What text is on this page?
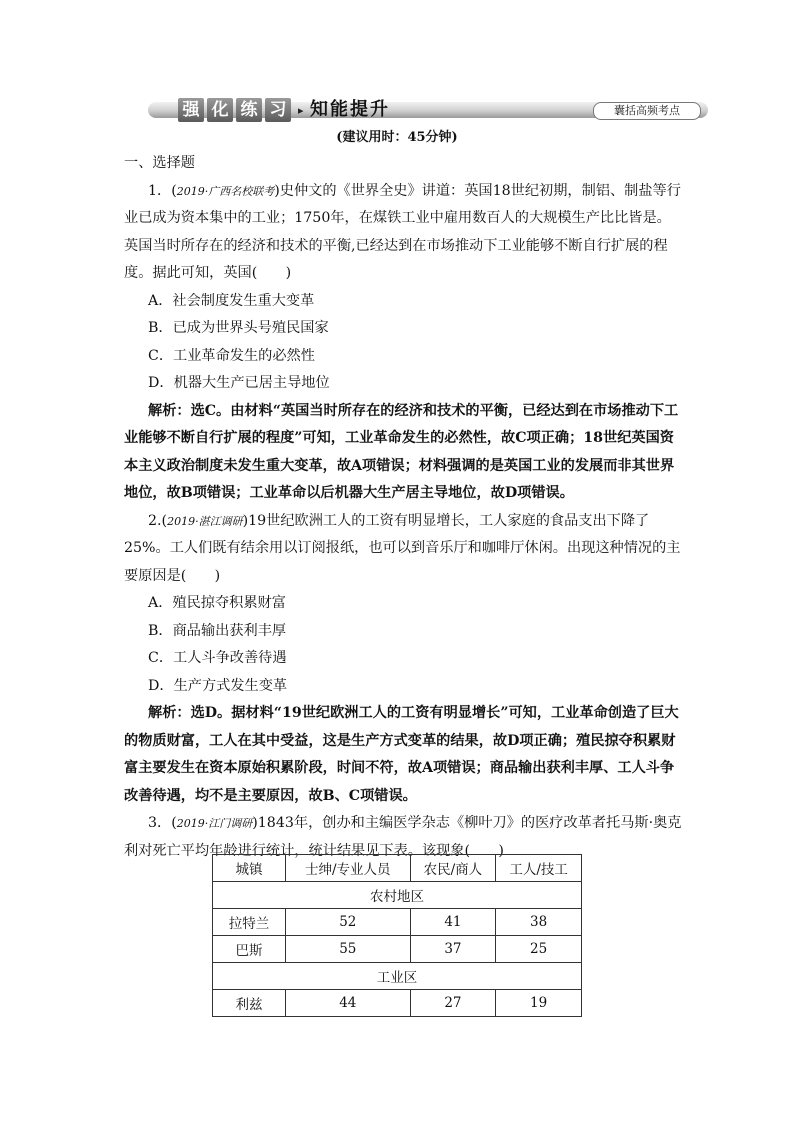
强 化 练 习	▸ 知能提升	囊括高频考点
(建议用时：45分钟)

一、选择题

1．(2019·广西名校联考)史仲文的《世界全史》讲道：英国18世纪初期，制铝、制盐等行业已成为资本集中的工业；1750年，在煤铁工业中雇用数百人的大规模生产比比皆是。英国当时所存在的经济和技术的平衡,已经达到在市场推动下工业能够不断自行扩展的程度。据此可知，英国(　　)

A．社会制度发生重大变革

B．已成为世界头号殖民国家

C．工业革命发生的必然性

D．机器大生产已居主导地位

解析：选C。由材料“英国当时所存在的经济和技术的平衡，已经达到在市场推动下工业能够不断自行扩展的程度”可知，工业革命发生的必然性，故C项正确；18世纪英国资本主义政治制度未发生重大变革，故A项错误；材料强调的是英国工业的发展而非其世界地位，故B项错误；工业革命以后机器大生产居主导地位，故D项错误。

2.(2019·湛江调研)19世纪欧洲工人的工资有明显增长，工人家庭的食品支出下降了25%。工人们既有结余用以订阅报纸，也可以到音乐厅和咖啡厅休闲。出现这种情况的主要原因是(　　)

A．殖民掠夺积累财富

B．商品输出获利丰厚

C．工人斗争改善待遇

D．生产方式发生变革

解析：选D。据材料“19世纪欧洲工人的工资有明显增长”可知，工业革命创造了巨大的物质财富，工人在其中受益，这是生产方式变革的结果，故D项正确；殖民掠夺积累财富主要发生在资本原始积累阶段，时间不符，故A项错误；商品输出获利丰厚、工人斗争改善待遇，均不是主要原因，故B、C项错误。

3．(2019·江门调研)1843年，创办和主编医学杂志《柳叶刀》的医疗改革者托马斯·奥克利对死亡平均年龄进行统计，统计结果见下表。该现象(　　)

城镇	士绅/专业人员	农民/商人	工人/技工
农村地区			
拉特兰	52	41	38
巴斯	55	37	25
工业区			
利兹	44	27	19
